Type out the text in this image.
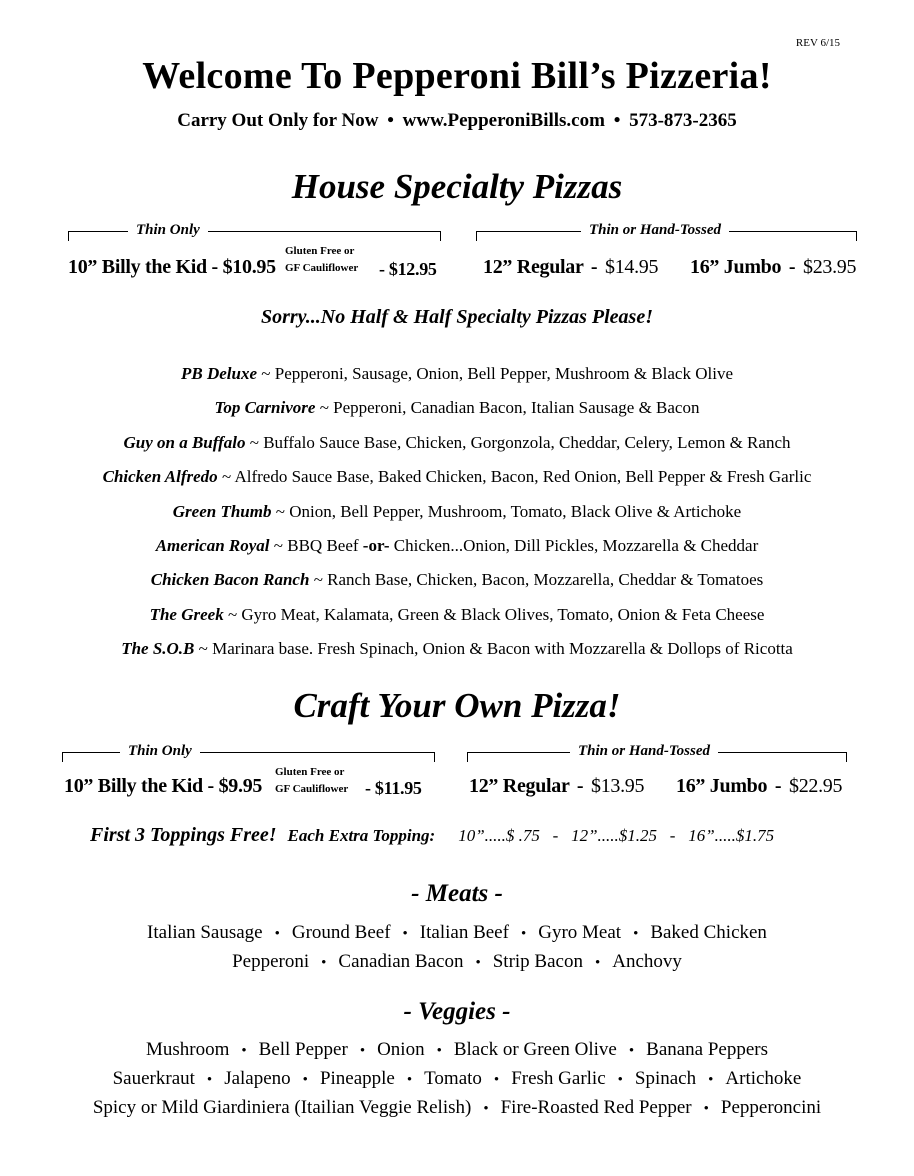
REV 6/15
Welcome To Pepperoni Bill’s Pizzeria!
Carry Out Only for Now • www.PepperoniBills.com • 573-873-2365
House Specialty Pizzas
Thin Only	Thin or Hand-Tossed
10” Billy the Kid - $10.95
Gluten Free or
GF Cauliflower - $12.95 12” Regular - $14.95 16” Jumbo - $23.95
Sorry...No Half & Half Specialty Pizzas Please!
PB Deluxe ~ Pepperoni, Sausage, Onion, Bell Pepper, Mushroom & Black Olive
Top Carnivore ~ Pepperoni, Canadian Bacon, Italian Sausage & Bacon
Guy on a Buffalo ~ Buffalo Sauce Base, Chicken, Gorgonzola, Cheddar, Celery, Lemon & Ranch
Chicken Alfredo ~ Alfredo Sauce Base, Baked Chicken, Bacon, Red Onion, Bell Pepper & Fresh Garlic
Green Thumb ~ Onion, Bell Pepper, Mushroom, Tomato, Black Olive & Artichoke
American Royal ~ BBQ Beef -or- Chicken...Onion, Dill Pickles, Mozzarella & Cheddar
Chicken Bacon Ranch ~ Ranch Base, Chicken, Bacon, Mozzarella, Cheddar & Tomatoes
The Greek ~ Gyro Meat, Kalamata, Green & Black Olives, Tomato, Onion & Feta Cheese
The S.O.B ~ Marinara base. Fresh Spinach, Onion & Bacon with Mozzarella & Dollops of Ricotta
Craft Your Own Pizza!
Thin Only	Thin or Hand-Tossed
10” Billy the Kid - $9.95
Gluten Free or
GF Cauliflower - $11.95 12” Regular - $13.95 16” Jumbo - $22.95
First 3 Toppings Free! Each Extra Topping: 10”.....$ .75   -   12”.....$1.25   -   16”.....$1.75
- Meats -
Italian Sausage • Ground Beef • Italian Beef • Gyro Meat • Baked Chicken
Pepperoni • Canadian Bacon • Strip Bacon • Anchovy
- Veggies -
Mushroom • Bell Pepper • Onion • Black or Green Olive • Banana Peppers
Sauerkraut • Jalapeno • Pineapple • Tomato • Fresh Garlic • Spinach • Artichoke
Spicy or Mild Giardiniera (Itailian Veggie Relish) • Fire-Roasted Red Pepper • Pepperoncini
